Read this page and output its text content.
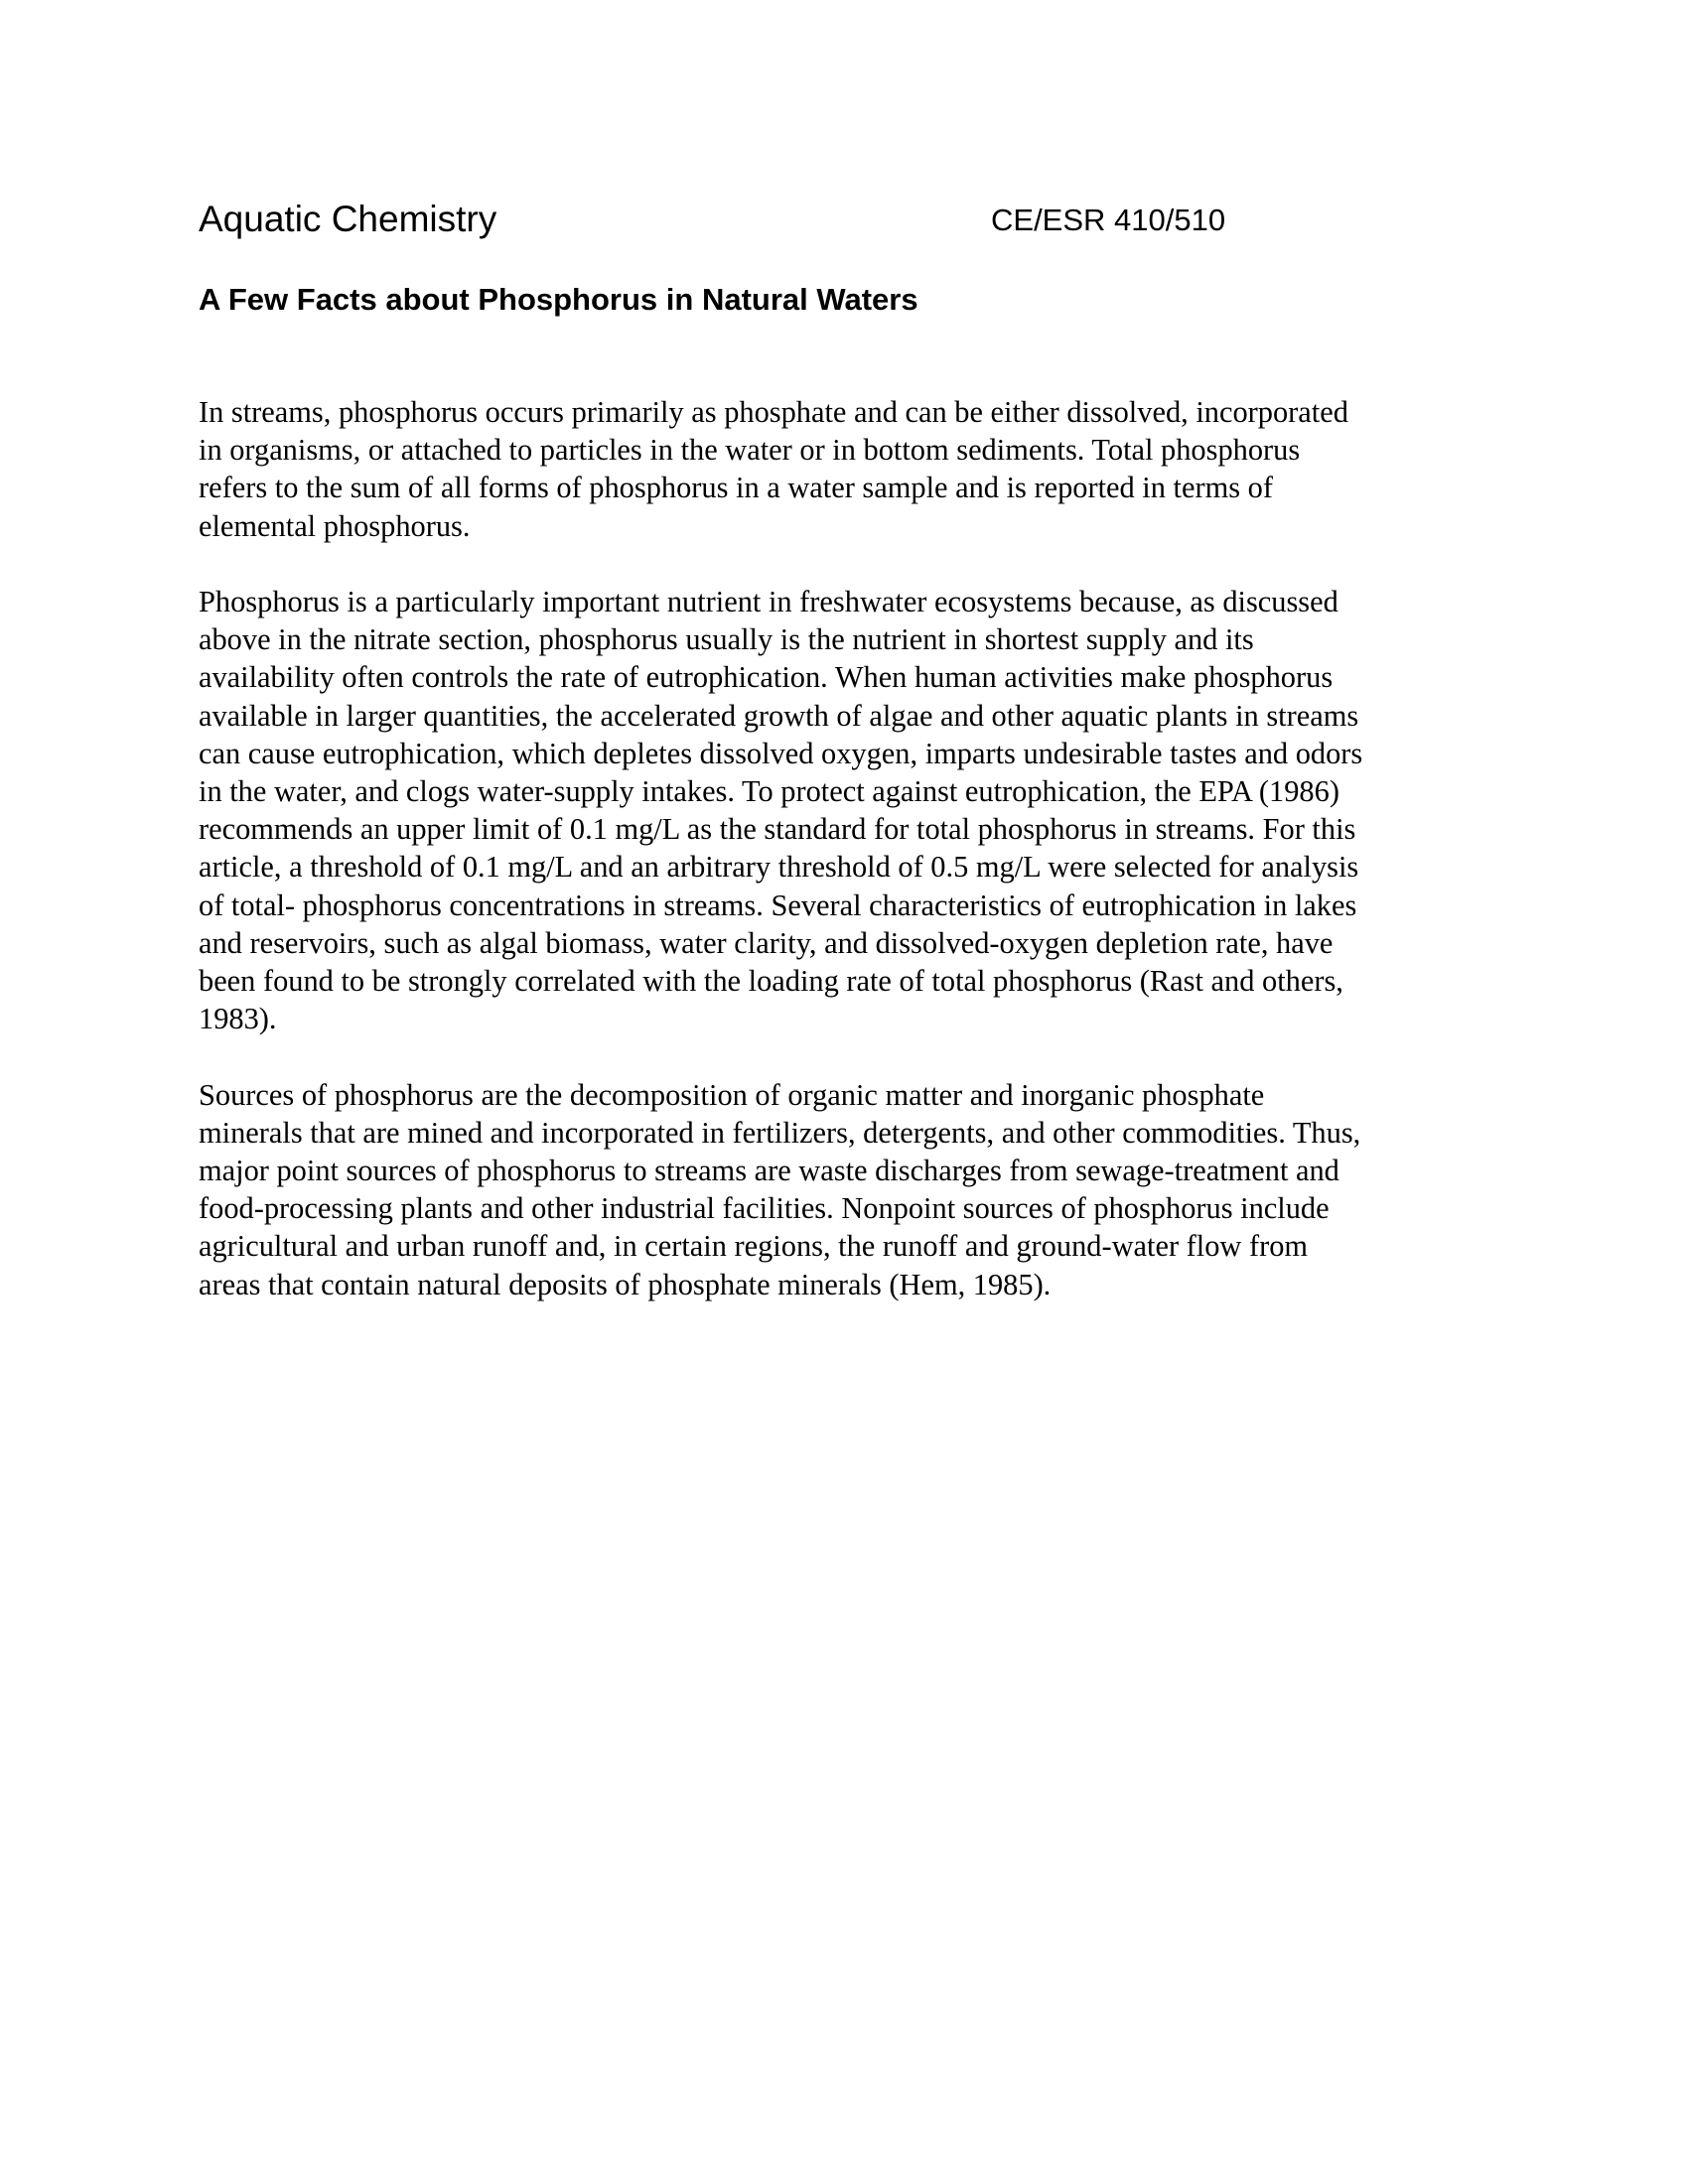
Aquatic Chemistry	CE/ESR 410/510
A Few Facts about Phosphorus in Natural Waters

In streams, phosphorus occurs primarily as phosphate and can be either dissolved, incorporated
in organisms, or attached to particles in the water or in bottom sediments. Total phosphorus
refers to the sum of all forms of phosphorus in a water sample and is reported in terms of
elemental phosphorus.

Phosphorus is a particularly important nutrient in freshwater ecosystems because, as discussed
above in the nitrate section, phosphorus usually is the nutrient in shortest supply and its
availability often controls the rate of eutrophication. When human activities make phosphorus
available in larger quantities, the accelerated growth of algae and other aquatic plants in streams
can cause eutrophication, which depletes dissolved oxygen, imparts undesirable tastes and odors
in the water, and clogs water-supply intakes. To protect against eutrophication, the EPA (1986)
recommends an upper limit of 0.1 mg/L as the standard for total phosphorus in streams. For this
article, a threshold of 0.1 mg/L and an arbitrary threshold of 0.5 mg/L were selected for analysis
of total- phosphorus concentrations in streams. Several characteristics of eutrophication in lakes
and reservoirs, such as algal biomass, water clarity, and dissolved-oxygen depletion rate, have
been found to be strongly correlated with the loading rate of total phosphorus (Rast and others,
1983).

Sources of phosphorus are the decomposition of organic matter and inorganic phosphate
minerals that are mined and incorporated in fertilizers, detergents, and other commodities. Thus,
major point sources of phosphorus to streams are waste discharges from sewage-treatment and
food-processing plants and other industrial facilities. Nonpoint sources of phosphorus include
agricultural and urban runoff and, in certain regions, the runoff and ground-water flow from
areas that contain natural deposits of phosphate minerals (Hem, 1985).
